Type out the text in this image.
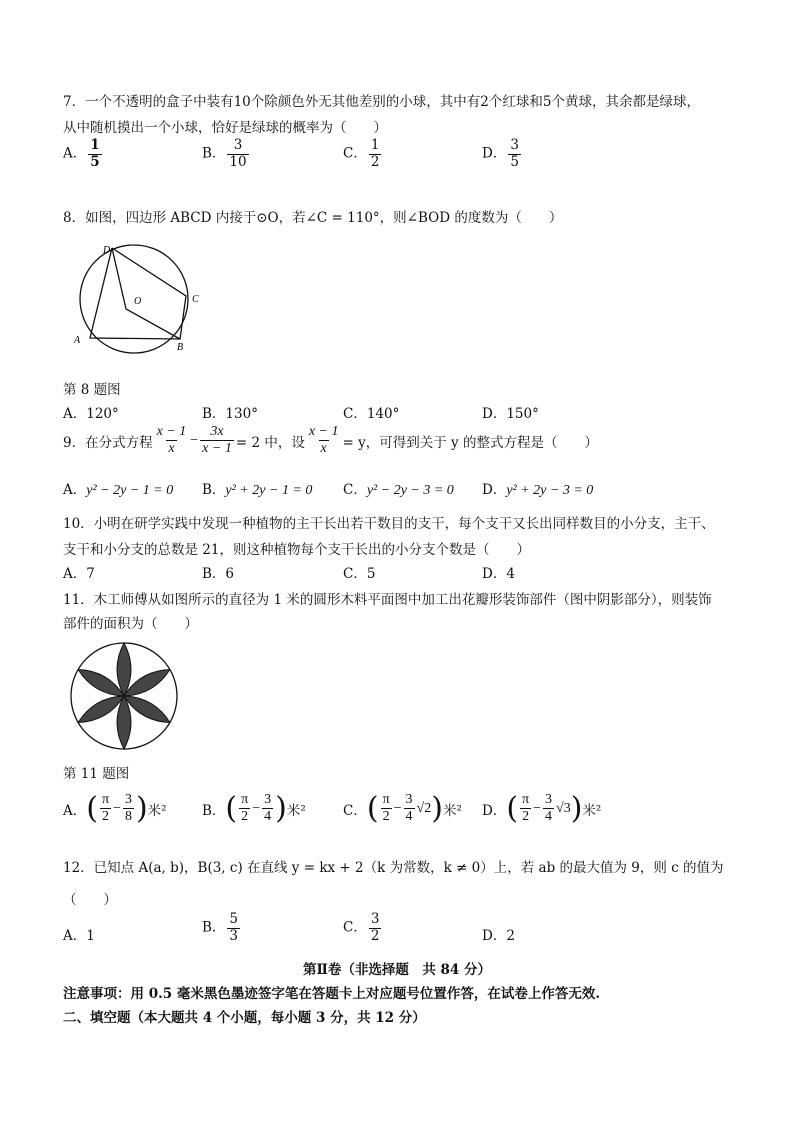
7．一个不透明的盒子中装有10个除颜色外无其他差别的小球，其中有2个红球和5个黄球，其余都是绿球，
从中随机摸出一个小球，恰好是绿球的概率为（　　）
A． $\frac{1}{5}$	B． $\frac{3}{10}$	C． $\frac{1}{2}$	D． $\frac{3}{5}$
8．如图，四边形 ABCD 内接于⊙O，若∠C = 110°，则∠BOD 的度数为（　　）
D
O	C
A
B
第 8 题图
A．120°	B．130°	C．140°	D．150°
9．在分式方程 $\frac{x - 1}{x} - \frac{3x}{x - 1} = 2$ 中，设 $\frac{x - 1}{x} = y$，可得到关于 y 的整式方程是（　　）
A．y² − 2y − 1 = 0 B．y² + 2y − 1 = 0 C．y² − 2y − 3 = 0 D．y² + 2y − 3 = 0
10．小明在研学实践中发现一种植物的主干长出若干数目的支干，每个支干又长出同样数目的小分支，主干、
支干和小分支的总数是 21，则这种植物每个支干长出的小分支个数是（　　）
A．7	B．6	C．5	D．4
11．木工师傅从如图所示的直径为 1 米的圆形木料平面图中加工出花瓣形装饰部件（图中阴影部分），则装饰
部件的面积为（　　）
第 11 题图
A． ( $\frac{\pi}{2} - \frac{3}{8}$ ) 米²	B． ( $\frac{\pi}{2} - \frac{3}{4}$ ) 米²	C． ( $\frac{\pi}{2} - \frac{3}{4} √2$ ) 米² D． ( $\frac{\pi}{2} - \frac{3}{4} √3$ ) 米²
12．已知点 A(a, b)，B(3, c) 在直线 y = kx + 2（k 为常数，k ≠ 0）上，若 ab 的最大值为 9，则 c 的值为
（　　）
A．1
B． $\frac{5}{3}$	C． $\frac{3}{2}$	D．2
第Ⅱ卷（非选择题　共 84 分）
注意事项：用 0.5 毫米黑色墨迹签字笔在答题卡上对应题号位置作答，在试卷上作答无效.
二、填空题（本大题共 4 个小题，每小题 3 分，共 12 分）
